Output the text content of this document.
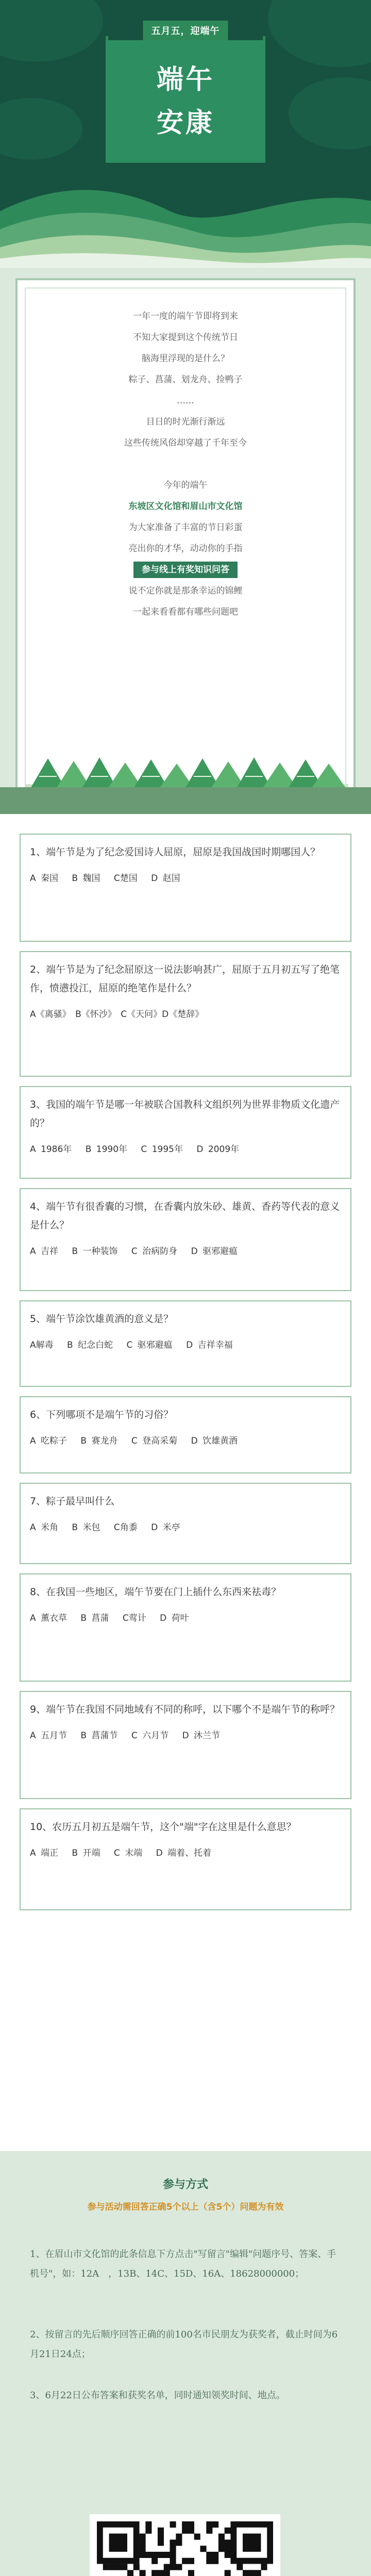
五月五，迎端午
端午
安康
一年一度的端午节即将到来
不知大家提到这个传统节日
脑海里浮现的是什么？
粽子、菖蒲、划龙舟、捡鸭子
……
目日的时光渐行渐远
这些传统风俗却穿越了千年至今
今年的端午
东坡区文化馆和眉山市文化馆
为大家准备了丰富的节日彩蛋
亮出你的才华，动动你的手指
参与线上有奖知识问答
说不定你就是那条幸运的锦鲤
一起来看看都有哪些问题吧
1、端午节是为了纪念爱国诗人屈原，屈原是我国战国时期哪国人？
A 秦国　 B 魏国　 C楚国　 D 赵国
2、端午节是为了纪念屈原这一说法影响甚广，屈原于五月初五写了绝笔作，愤懑投江，屈原的绝笔作是什么？
A《离骚》　B《怀沙》　C《天问》D《楚辞》
3、我国的端午节是哪一年被联合国教科文组织列为世界非物质文化遗产的？
A 1986年　 B 1990年　 C 1995年　 D 2009年
4、端午节有很香囊的习惯，在香囊内放朱砂、雄黄、香药等代表的意义是什么？
A 吉祥　 B 一种装饰　 C 治病防身　 D 驱邪避瘟
5、端午节涂饮雄黄酒的意义是？
A解毒　 B 纪念白蛇　 C 驱邪避瘟　 D 吉祥幸福
6、下列哪项不是端午节的习俗？
A 吃粽子　 B 赛龙舟　 C 登高采菊　 D 饮雄黄酒
7、粽子最早叫什么
A 米角　 B 米包　 C角黍　 D 米亭
8、在我国一些地区，端午节要在门上插什么东西来祛毒？
A 薰衣草　 B 菖蒲　 C莺计　 D 荷叶
9、端午节在我国不同地域有不同的称呼，以下哪个不是端午节的称呼？
A 五月节　 B 菖蒲节　 C 六月节　 D 沐兰节
10、农历五月初五是端午节，这个"端"字在这里是什么意思？
A 端正　 B 开端　 C 末端　 D 端着、托着
参与方式
参与活动需回答正确5个以上（含5个）问题为有效
1、在眉山市文化馆的此条信息下方点击"写留言"编辑"问题序号、答案、手机号"，如：12A　，13B、14C、15D、16A、18628000000；
2、按留言的先后顺序回答正确的前100名市民朋友为获奖者，截止时间为6月21日24点；
3、6月22日公布答案和获奖名单，同时通知领奖时间、地点。
